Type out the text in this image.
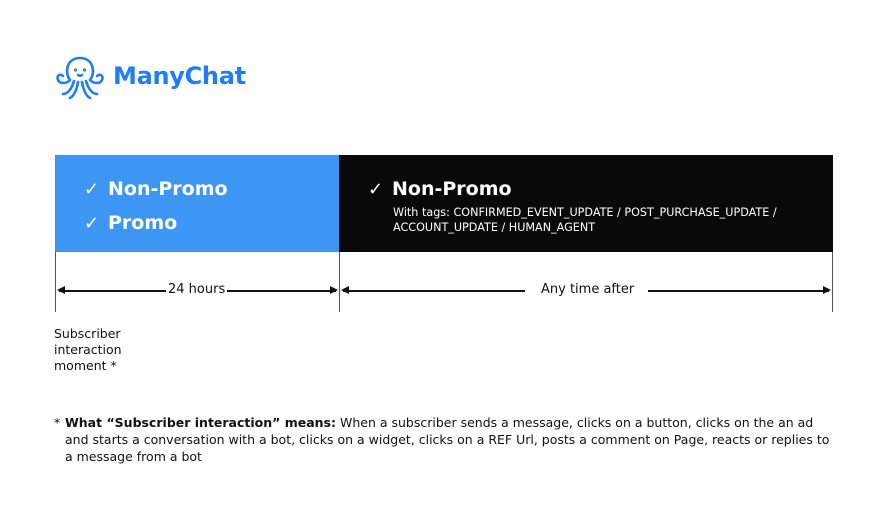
ManyChat
✓ Non-Promo
✓ Promo
✓ Non-Promo
With tags: CONFIRMED_EVENT_UPDATE / POST_PURCHASE_UPDATE /
ACCOUNT_UPDATE / HUMAN_AGENT
24 hours	Any time after
Subscriber interaction moment *
* What “Subscriber interaction” means: When a subscriber sends a message, clicks on a button, clicks on the an ad and starts a conversation with a bot, clicks on a widget, clicks on a REF Url, posts a comment on Page, reacts or replies to a message from a bot
